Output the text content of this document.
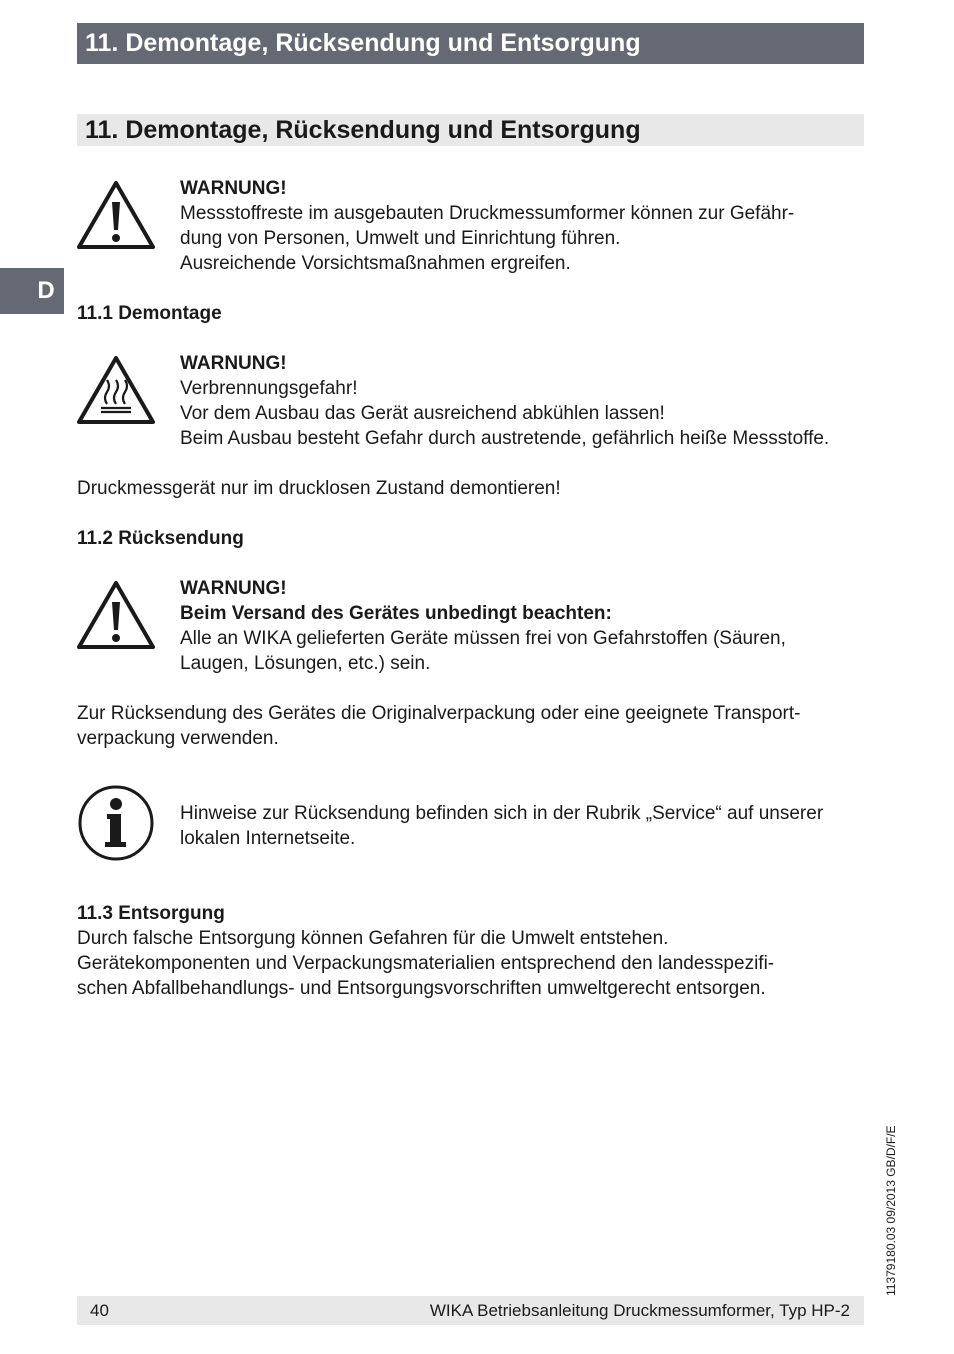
11. Demontage, Rücksendung und Entsorgung
11. Demontage, Rücksendung und Entsorgung
D
WARNUNG!
Messstoffreste im ausgebauten Druckmessumformer können zur Gefähr-
dung von Personen, Umwelt und Einrichtung führen.
Ausreichende Vorsichtsmaßnahmen ergreifen.
11.1 Demontage
WARNUNG!
Verbrennungsgefahr!
Vor dem Ausbau das Gerät ausreichend abkühlen lassen!
Beim Ausbau besteht Gefahr durch austretende, gefährlich heiße Messstoffe.
Druckmessgerät nur im drucklosen Zustand demontieren!
11.2 Rücksendung
WARNUNG!
Beim Versand des Gerätes unbedingt beachten:
Alle an WIKA gelieferten Geräte müssen frei von Gefahrstoffen (Säuren,
Laugen, Lösungen, etc.) sein.
Zur Rücksendung des Gerätes die Originalverpackung oder eine geeignete Transport-
verpackung verwenden.
Hinweise zur Rücksendung befinden sich in der Rubrik „Service“ auf unserer
lokalen Internetseite.
11.3 Entsorgung
Durch falsche Entsorgung können Gefahren für die Umwelt entstehen.
Gerätekomponenten und Verpackungsmaterialien entsprechend den landesspezifi-
schen Abfallbehandlungs- und Entsorgungsvorschriften umweltgerecht entsorgen.
11379180.03 09/2013 GB/D/F/E
40	WIKA Betriebsanleitung Druckmessumformer, Typ HP-2
